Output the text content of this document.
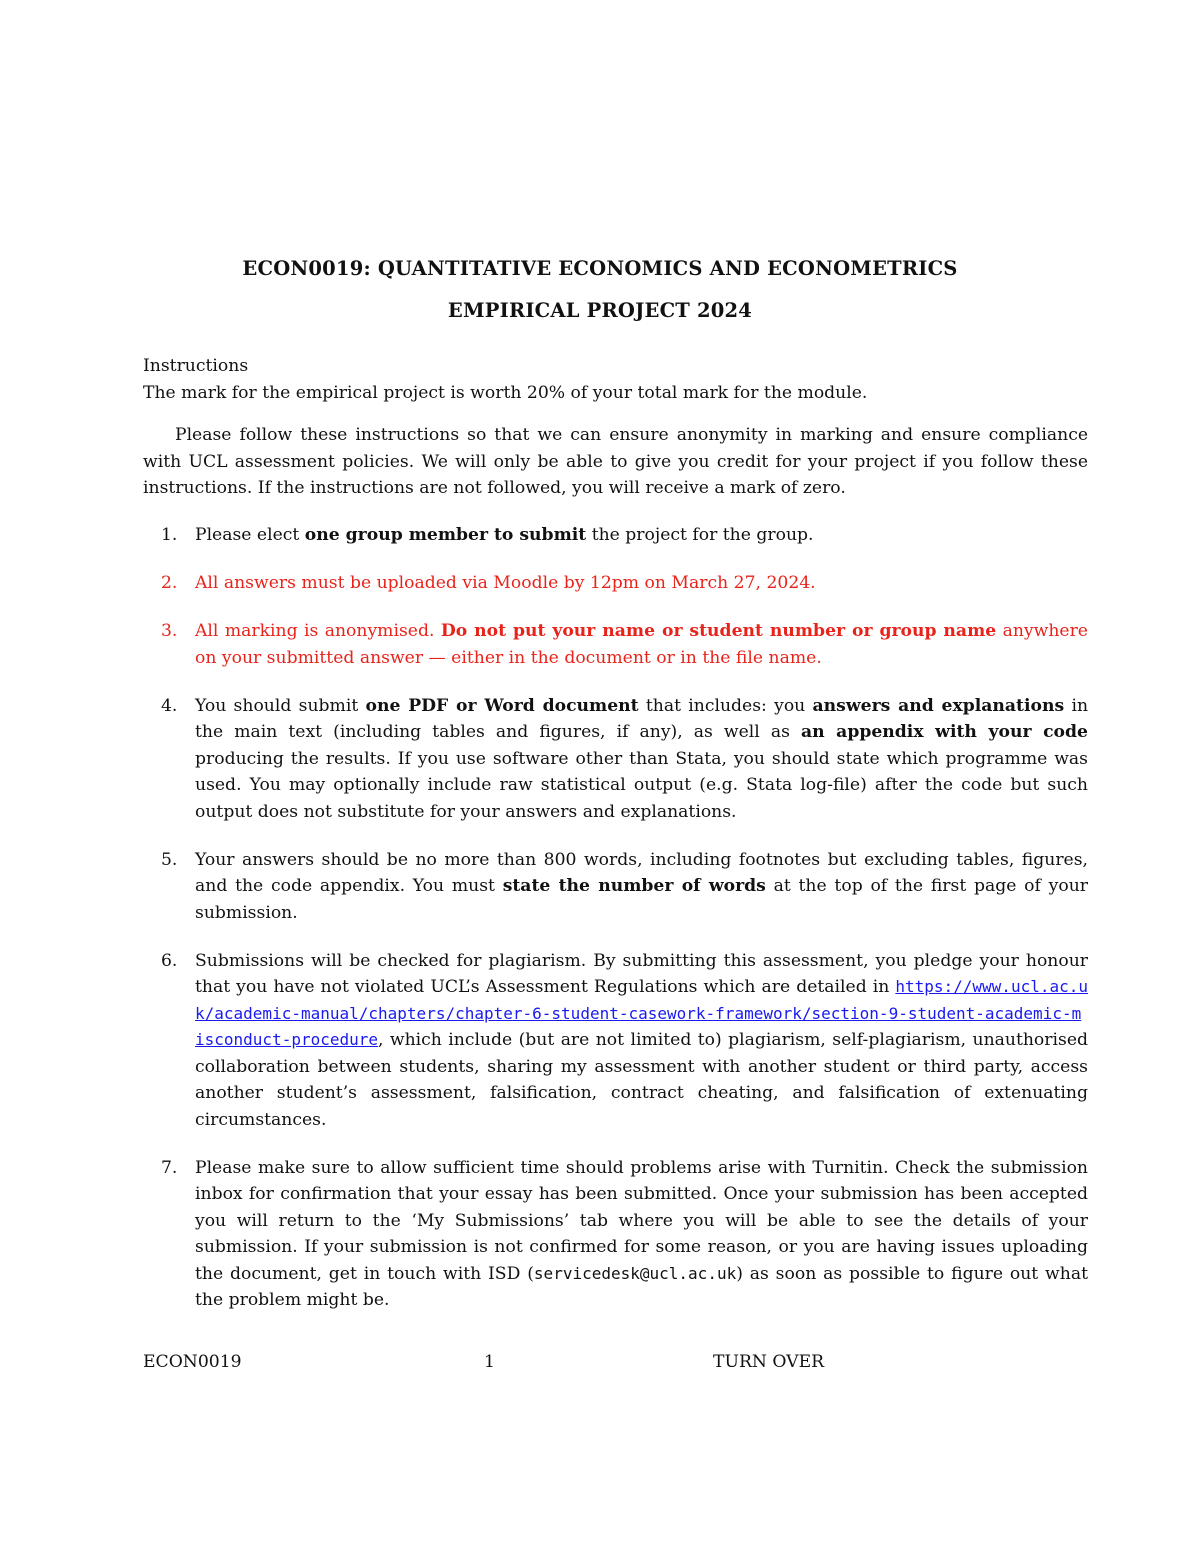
ECON0019: QUANTITATIVE ECONOMICS AND ECONOMETRICS
EMPIRICAL PROJECT 2024
Instructions
The mark for the empirical project is worth 20% of your total mark for the module.
Please follow these instructions so that we can ensure anonymity in marking and ensure compliance with UCL assessment policies. We will only be able to give you credit for your project if you follow these instructions. If the instructions are not followed, you will receive a mark of zero.
1.	Please elect one group member to submit the project for the group.
2.	All answers must be uploaded via Moodle by 12pm on March 27, 2024.
3.	All marking is anonymised. Do not put your name or student number or group name anywhere on your submitted answer — either in the document or in the file name.
4.	You should submit one PDF or Word document that includes: you answers and explanations in the main text (including tables and figures, if any), as well as an appendix with your code producing the results. If you use software other than Stata, you should state which programme was used. You may optionally include raw statistical output (e.g. Stata log-file) after the code but such output does not substitute for your answers and explanations.
5.	Your answers should be no more than 800 words, including footnotes but excluding tables, figures, and the code appendix. You must state the number of words at the top of the first page of your submission.
6.	Submissions will be checked for plagiarism. By submitting this assessment, you pledge your honour that you have not violated UCL’s Assessment Regulations which are detailed in https://www.ucl.ac.uk/academic-manual/chapters/chapter-6-student-casework-framework/section-9-student-academic-misconduct-procedure, which include (but are not limited to) plagiarism, self-plagiarism, unauthorised collaboration between students, sharing my assessment with another student or third party, access another student’s assessment, falsification, contract cheating, and falsification of extenuating circumstances.
7.	Please make sure to allow sufficient time should problems arise with Turnitin. Check the submission inbox for confirmation that your essay has been submitted. Once your submission has been accepted you will return to the ‘My Submissions’ tab where you will be able to see the details of your submission. If your submission is not confirmed for some reason, or you are having issues uploading the document, get in touch with ISD (servicedesk@ucl.ac.uk) as soon as possible to figure out what the problem might be.
ECON0019	1	TURN OVER
